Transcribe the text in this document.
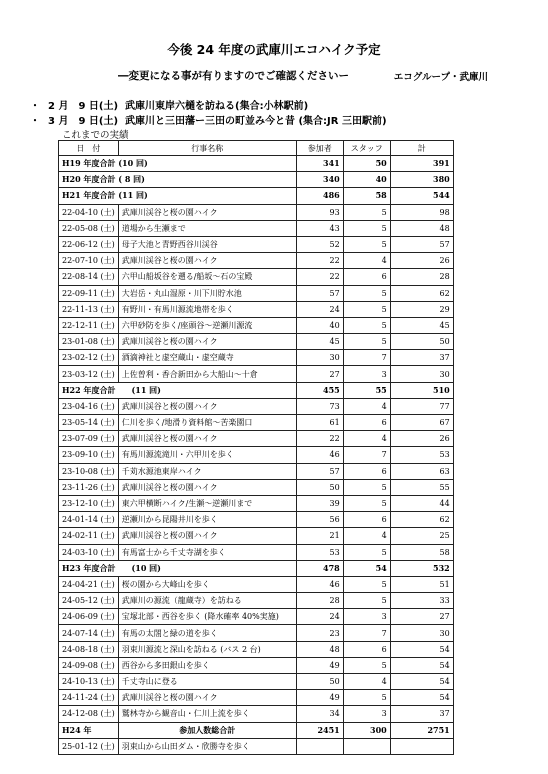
今後 24 年度の武庫川エコハイク予定
―変更になる事が有りますのでご確認くださいー	エコグループ・武庫川
・ 2 月　9 日(土) 武庫川東岸六樋を訪ねる(集合:小林駅前)
・ 3 月　9 日(土) 武庫川と三田藩ー三田の町並み今と昔 (集合:JR 三田駅前)
これまでの実績
日　付	行事名称	参加者	スタッフ	計
H19 年度合計 (10 回)		341	50	391
H20 年度合計 ( 8 回)		340	40	380
H21 年度合計 (11 回)		486	58	544
22-04-10 (土)	武庫川渓谷と桜の園ハイク	93	5	98
22-05-08 (土)	道場から生瀬まで	43	5	48
22-06-12 (土)	母子大池と青野西谷川渓谷	52	5	57
22-07-10 (土)	武庫川渓谷と桜の園ハイク	22	4	26
22-08-14 (土)	六甲山船坂谷を遡る/船坂～石の宝殿	22	6	28
22-09-11 (土)	大岩岳・丸山湿原・川下川貯水池	57	5	62
22-11-13 (土)	有野川・有馬川源流地帯を歩く	24	5	29
22-12-11 (土)	六甲砂防を歩く/座頭谷～逆瀬川源流	40	5	45
23-01-08 (土)	武庫川渓谷と桜の園ハイク	45	5	50
23-02-12 (土)	酒滴神社と虚空蔵山・虚空蔵寺	30	7	37
23-03-12 (土)	上佐曽利・香合新田から大船山～十倉	27	3	30
H22 年度合計　　(11 回)		455	55	510
23-04-16 (土)	武庫川渓谷と桜の園ハイク	73	4	77
23-05-14 (土)	仁川を歩く/地滑り資料館～苦楽園口	61	6	67
23-07-09 (土)	武庫川渓谷と桜の園ハイク	22	4	26
23-09-10 (土)	有馬川源流滝川・六甲川を歩く	46	7	53
23-10-08 (土)	千苅水源池東岸ハイク	57	6	63
23-11-26 (土)	武庫川渓谷と桜の園ハイク	50	5	55
23-12-10 (土)	東六甲横断ハイク/生瀬～逆瀬川まで	39	5	44
24-01-14 (土)	逆瀬川から昆陽井川を歩く	56	6	62
24-02-11 (土)	武庫川渓谷と桜の園ハイク	21	4	25
24-03-10 (土)	有馬富士から千丈寺湖を歩く	53	5	58
H23 年度合計　　(10 回)		478	54	532
24-04-21 (土)	桜の園から大峰山を歩く	46	5	51
24-05-12 (土)	武庫川の源流（龍蔵寺）を訪ねる	28	5	33
24-06-09 (土)	宝塚北部・西谷を歩く (降水確率 40%実施)	24	3	27
24-07-14 (土)	有馬の太閤と緑の道を歩く	23	7	30
24-08-18 (土)	羽束川源流と深山を訪ねる (バス 2 台)	48	6	54
24-09-08 (土)	西谷から多田銀山を歩く	49	5	54
24-10-13 (土)	千丈寺山に登る	50	4	54
24-11-24 (土)	武庫川渓谷と桜の園ハイク	49	5	54
24-12-08 (土)	鷲林寺から観音山・仁川上流を歩く	34	3	37
H24 年	参加人数総合計	2451	300	2751
25-01-12 (土)	羽束山から山田ダム・欣勝寺を歩く			
